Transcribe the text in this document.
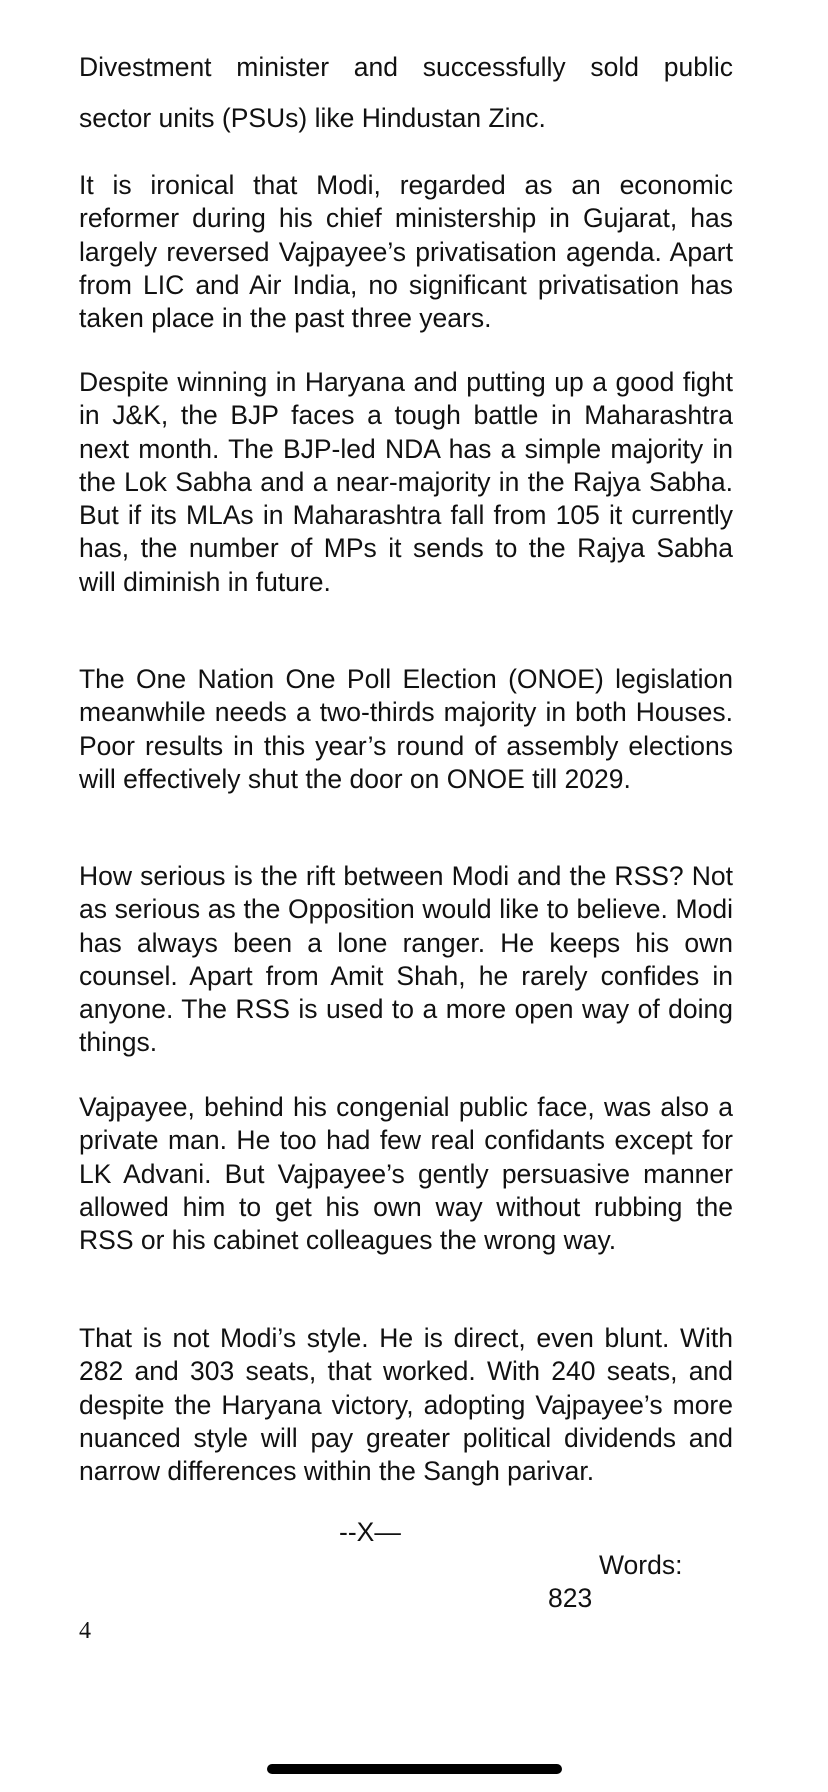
Divestment minister and successfully sold public

sector units (PSUs) like Hindustan Zinc.

It is ironical that Modi, regarded as an economic reformer during his chief ministership in Gujarat, has largely reversed Vajpayee’s privatisation agenda. Apart from LIC and Air India, no significant privatisation has taken place in the past three years.

Despite winning in Haryana and putting up a good fight in J&K, the BJP faces a tough battle in Maharashtra next month. The BJP-led NDA has a simple majority in the Lok Sabha and a near-majority in the Rajya Sabha. But if its MLAs in Maharashtra fall from 105 it currently has, the number of MPs it sends to the Rajya Sabha will diminish in future.

The One Nation One Poll Election (ONOE) legislation meanwhile needs a two-thirds majority in both Houses. Poor results in this year’s round of assembly elections will effectively shut the door on ONOE till 2029.

How serious is the rift between Modi and the RSS? Not as serious as the Opposition would like to believe. Modi has always been a lone ranger. He keeps his own counsel. Apart from Amit Shah, he rarely confides in anyone. The RSS is used to a more open way of doing things.

Vajpayee, behind his congenial public face, was also a private man. He too had few real confidants except for LK Advani. But Vajpayee’s gently persuasive manner allowed him to get his own way without rubbing the RSS or his cabinet colleagues the wrong way.

That is not Modi’s style. He is direct, even blunt. With 282 and 303 seats, that worked. With 240 seats, and despite the Haryana victory, adopting Vajpayee’s more nuanced style will pay greater political dividends and narrow differences within the Sangh parivar.

--X—
Words:
823
4
